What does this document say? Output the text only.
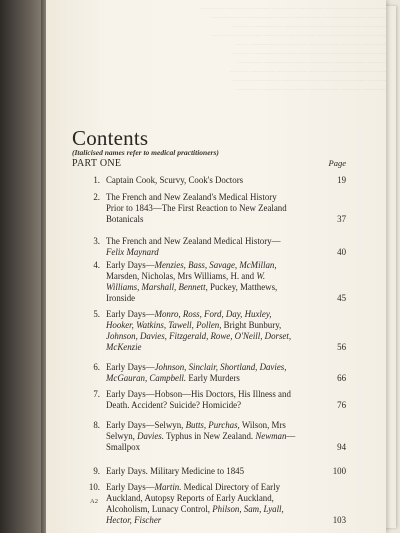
—————————— ———— ———— ——————— ————
——— ——————— ———— ——— ————— —————
———— ————— ——————— ————— ———
——————— ———— ——— ————— —————— ——
———— ——— ————— ————— ———— ——
————— ————————— ——— ———— ———
——— ————— ———— ——————— ————
————— ———— ——— ————— ———— ———
——— ——————— ——— ——— ————————
———— ——— ————— ———— ——— ————
Contents
(Italicised names refer to medical practitioners)
PART ONE	Page
1. Captain Cook, Scurvy, Cook's Doctors	19
2. The French and New Zealand's Medical History
Prior to 1843—The First Reaction to New Zealand
Botanicals	37
3. The French and New Zealand Medical History—
Felix Maynard	40
4. Early Days—Menzies, Bass, Savage, McMillan,
Marsden, Nicholas, Mrs Williams, H. and W.
Williams, Marshall, Bennett, Puckey, Matthews,
Ironside	45
5. Early Days—Monro, Ross, Ford, Day, Huxley,
Hooker, Watkins, Tawell, Pollen, Bright Bunbury,
Johnson, Davies, Fitzgerald, Rowe, O'Neill, Dorset,
McKenzie	56
6. Early Days—Johnson, Sinclair, Shortland, Davies,
McGauran, Campbell. Early Murders	66
7. Early Days—Hobson—His Doctors, His Illness and
Death. Accident? Suicide? Homicide?	76
8. Early Days—Selwyn, Butts, Purchas, Wilson, Mrs
Selwyn, Davies. Typhus in New Zealand. Newman—
Smallpox	94
9. Early Days. Military Medicine to 1845	100
10. Early Days—Martin. Medical Directory of Early
Auckland, Autopsy Reports of Early Auckland,
Alcoholism, Lunacy Control, Philson, Sam, Lyall,
Hector, Fischer	103
A2
